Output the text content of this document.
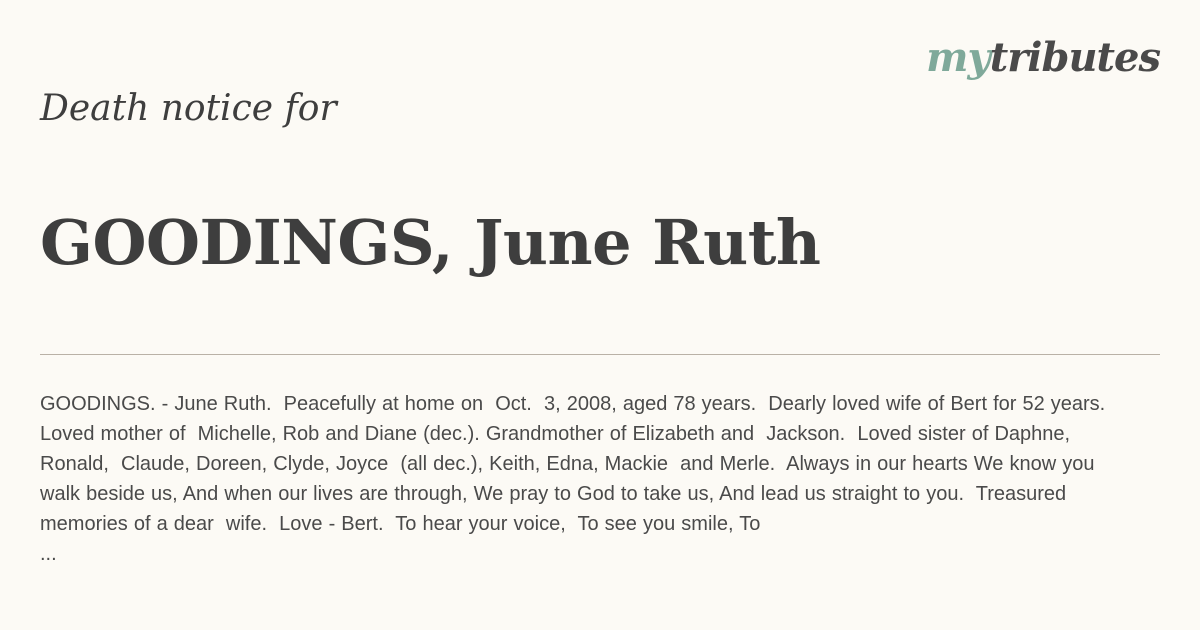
mytributes
Death notice for
GOODINGS, June Ruth
GOODINGS. - June Ruth.  Peacefully at home on  Oct.  3, 2008, aged 78 years.  Dearly loved wife of Bert for 52 years.  Loved mother of  Michelle, Rob and Diane (dec.). Grandmother of Elizabeth and  Jackson.  Loved sister of Daphne, Ronald,  Claude, Doreen, Clyde, Joyce  (all dec.), Keith, Edna, Mackie  and Merle.  Always in our hearts We know you walk beside us, And when our lives are through, We pray to God to take us, And lead us straight to you.  Treasured memories of a dear  wife.  Love - Bert.  To hear your voice,  To see you smile, To
...
